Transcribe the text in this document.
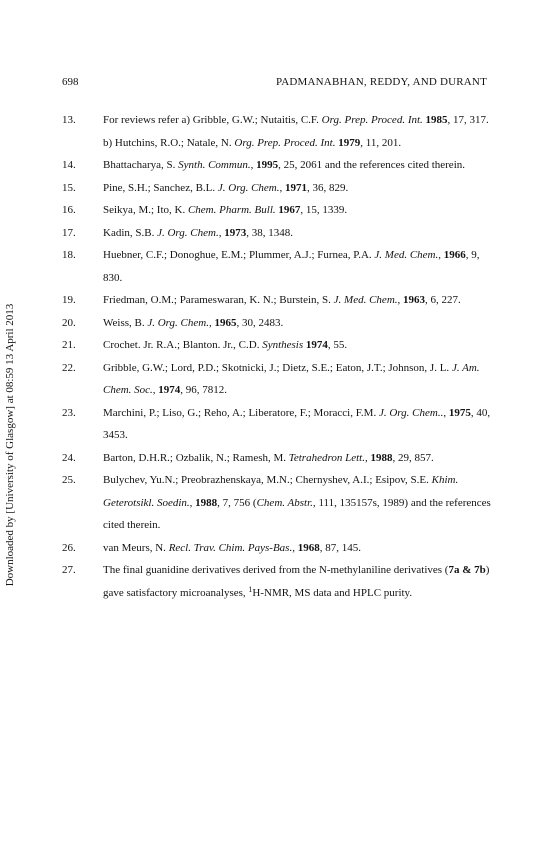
698	PADMANABHAN, REDDY, AND DURANT
Downloaded by [University of Glasgow] at 08:59 13 April 2013
13. For reviews refer a) Gribble, G.W.; Nutaitis, C.F. Org. Prep. Proced. Int. 1985, 17, 317. b) Hutchins, R.O.; Natale, N. Org. Prep. Proced. Int. 1979, 11, 201.
14. Bhattacharya, S. Synth. Commun., 1995, 25, 2061 and the references cited therein.
15. Pine, S.H.; Sanchez, B.L. J. Org. Chem., 1971, 36, 829.
16. Seikya, M.; Ito, K. Chem. Pharm. Bull. 1967, 15, 1339.
17. Kadin, S.B. J. Org. Chem., 1973, 38, 1348.
18. Huebner, C.F.; Donoghue, E.M.; Plummer, A.J.; Furnea, P.A. J. Med. Chem., 1966, 9, 830.
19. Friedman, O.M.; Parameswaran, K. N.; Burstein, S. J. Med. Chem., 1963, 6, 227.
20. Weiss, B. J. Org. Chem., 1965, 30, 2483.
21. Crochet. Jr. R.A.; Blanton. Jr., C.D. Synthesis 1974, 55.
22. Gribble, G.W.; Lord, P.D.; Skotnicki, J.; Dietz, S.E.; Eaton, J.T.; Johnson, J. L. J. Am. Chem. Soc., 1974, 96, 7812.
23. Marchini, P.; Liso, G.; Reho, A.; Liberatore, F.; Moracci, F.M. J. Org. Chem.., 1975, 40, 3453.
24. Barton, D.H.R.; Ozbalik, N.; Ramesh, M. Tetrahedron Lett., 1988, 29, 857.
25. Bulychev, Yu.N.; Preobrazhenskaya, M.N.; Chernyshev, A.I.; Esipov, S.E. Khim. Geterotsikl. Soedin., 1988, 7, 756 (Chem. Abstr., 111, 135157s, 1989) and the references cited therein.
26. van Meurs, N. Recl. Trav. Chim. Pays-Bas., 1968, 87, 145.
27. The final guanidine derivatives derived from the N-methylaniline derivatives (7a & 7b) gave satisfactory microanalyses, $^1$H-NMR, MS data and HPLC purity.
